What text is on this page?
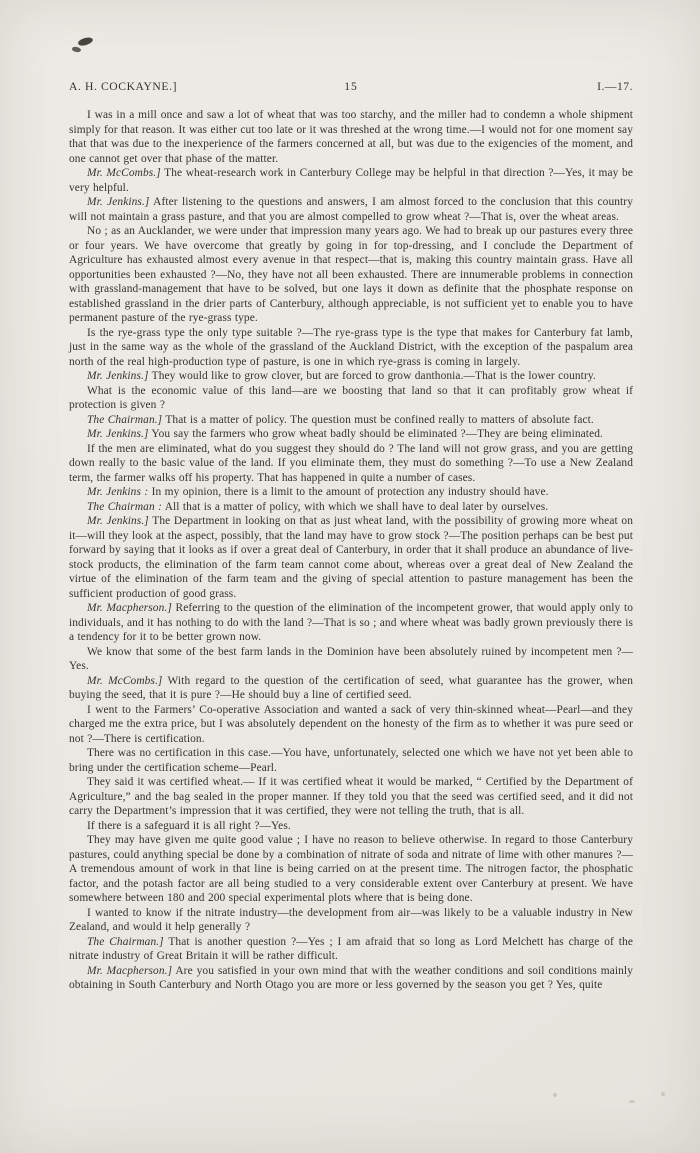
A. H. COCKAYNE.]	15	I.—17.

I was in a mill once and saw a lot of wheat that was too starchy, and the miller had to condemn a whole shipment simply for that reason. It was either cut too late or it was threshed at the wrong time.—I would not for one moment say that that was due to the inexperience of the farmers concerned at all, but was due to the exigencies of the moment, and one cannot get over that phase of the matter.

Mr. McCombs.] The wheat-research work in Canterbury College may be helpful in that direction ?—Yes, it may be very helpful.

Mr. Jenkins.] After listening to the questions and answers, I am almost forced to the conclusion that this country will not maintain a grass pasture, and that you are almost compelled to grow wheat ?—That is, over the wheat areas.

No ; as an Aucklander, we were under that impression many years ago. We had to break up our pastures every three or four years. We have overcome that greatly by going in for top-dressing, and I conclude the Department of Agriculture has exhausted almost every avenue in that respect—that is, making this country maintain grass. Have all opportunities been exhausted ?—No, they have not all been exhausted. There are innumerable problems in connection with grassland-management that have to be solved, but one lays it down as definite that the phosphate response on established grassland in the drier parts of Canterbury, although appreciable, is not sufficient yet to enable you to have permanent pasture of the rye-grass type.

Is the rye-grass type the only type suitable ?—The rye-grass type is the type that makes for Canterbury fat lamb, just in the same way as the whole of the grassland of the Auckland District, with the exception of the paspalum area north of the real high-production type of pasture, is one in which rye-grass is coming in largely.

Mr. Jenkins.] They would like to grow clover, but are forced to grow danthonia.—That is the lower country.

What is the economic value of this land—are we boosting that land so that it can profitably grow wheat if protection is given ?

The Chairman.] That is a matter of policy. The question must be confined really to matters of absolute fact.

Mr. Jenkins.] You say the farmers who grow wheat badly should be eliminated ?—They are being eliminated.

If the men are eliminated, what do you suggest they should do ? The land will not grow grass, and you are getting down really to the basic value of the land. If you eliminate them, they must do something ?—To use a New Zealand term, the farmer walks off his property. That has happened in quite a number of cases.

Mr. Jenkins : In my opinion, there is a limit to the amount of protection any industry should have.

The Chairman : All that is a matter of policy, with which we shall have to deal later by ourselves.

Mr. Jenkins.] The Department in looking on that as just wheat land, with the possibility of growing more wheat on it—will they look at the aspect, possibly, that the land may have to grow stock ?—The position perhaps can be best put forward by saying that it looks as if over a great deal of Canterbury, in order that it shall produce an abundance of live-stock products, the elimination of the farm team cannot come about, whereas over a great deal of New Zealand the virtue of the elimination of the farm team and the giving of special attention to pasture management has been the sufficient production of good grass.

Mr. Macpherson.] Referring to the question of the elimination of the incompetent grower, that would apply only to individuals, and it has nothing to do with the land ?—That is so ; and where wheat was badly grown previously there is a tendency for it to be better grown now.

We know that some of the best farm lands in the Dominion have been absolutely ruined by incompetent men ?—Yes.

Mr. McCombs.] With regard to the question of the certification of seed, what guarantee has the grower, when buying the seed, that it is pure ?—He should buy a line of certified seed.

I went to the Farmers’ Co-operative Association and wanted a sack of very thin-skinned wheat—Pearl—and they charged me the extra price, but I was absolutely dependent on the honesty of the firm as to whether it was pure seed or not ?—There is certification.

There was no certification in this case.—You have, unfortunately, selected one which we have not yet been able to bring under the certification scheme—Pearl.

They said it was certified wheat.— If it was certified wheat it would be marked, “ Certified by the Department of Agriculture,” and the bag sealed in the proper manner. If they told you that the seed was certified seed, and it did not carry the Department’s impression that it was certified, they were not telling the truth, that is all.

If there is a safeguard it is all right ?—Yes.

They may have given me quite good value ; I have no reason to believe otherwise. In regard to those Canterbury pastures, could anything special be done by a combination of nitrate of soda and nitrate of lime with other manures ?—A tremendous amount of work in that line is being carried on at the present time. The nitrogen factor, the phosphatic factor, and the potash factor are all being studied to a very considerable extent over Canterbury at present. We have somewhere between 180 and 200 special experimental plots where that is being done.

I wanted to know if the nitrate industry—the development from air—was likely to be a valuable industry in New Zealand, and would it help generally ?

The Chairman.] That is another question ?—Yes ; I am afraid that so long as Lord Melchett has charge of the nitrate industry of Great Britain it will be rather difficult.

Mr. Macpherson.] Are you satisfied in your own mind that with the weather conditions and soil conditions mainly obtaining in South Canterbury and North Otago you are more or less governed by the season you get ? Yes, quite
